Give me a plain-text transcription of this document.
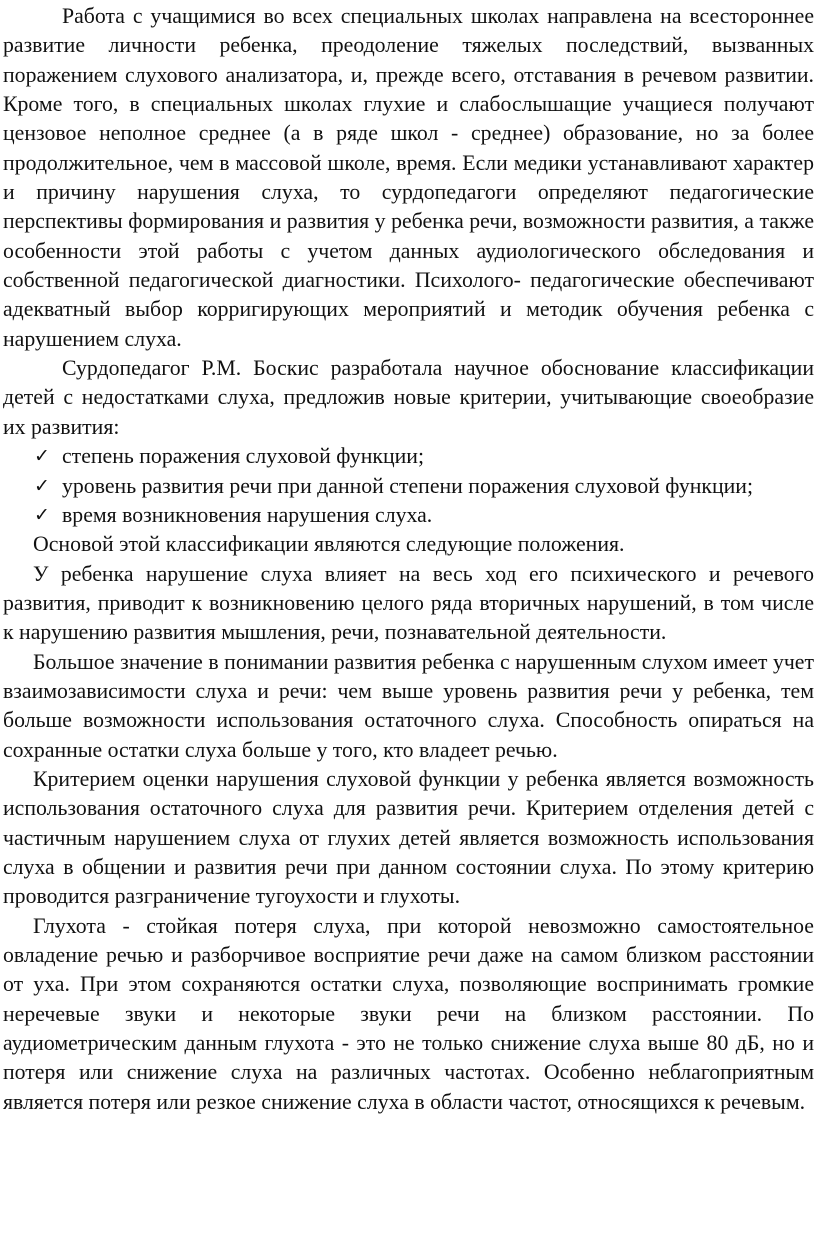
Работа с учащимися во всех специальных школах направлена на всестороннее развитие личности ребенка, преодоление тяжелых последствий, вызванных поражением слухового анализатора, и, прежде всего, отставания в речевом развитии. Кроме того, в специальных школах глухие и слабослышащие учащиеся получают цензовое неполное среднее (а в ряде школ - среднее) образование, но за более продолжительное, чем в массовой школе, время. Если медики устанавливают характер и причину нарушения слуха, то сурдопедагоги определяют педагогические перспективы формирования и развития у ребенка речи, возможности развития, а также особенности этой работы с учетом данных аудиологического обследования и собственной педагогической диагностики. Психолого- педагогические обеспечивают адекватный выбор корригирующих мероприятий и методик обучения ребенка с нарушением слуха.

Сурдопедагог Р.М. Боскис разработала научное обоснование классификации детей с недостатками слуха, предложив новые критерии, учитывающие своеобразие их развития:

✓ степень поражения слуховой функции;
✓ уровень развития речи при данной степени поражения слуховой функции;
✓ время возникновения нарушения слуха.

Основой этой классификации являются следующие положения.

У ребенка нарушение слуха влияет на весь ход его психического и речевого развития, приводит к возникновению целого ряда вторичных нарушений, в том числе к нарушению развития мышления, речи, познавательной деятельности.

Большое значение в понимании развития ребенка с нарушенным слухом имеет учет взаимозависимости слуха и речи: чем выше уровень развития речи у ребенка, тем больше возможности использования остаточного слуха. Способность опираться на сохранные остатки слуха больше у того, кто владеет речью.

Критерием оценки нарушения слуховой функции у ребенка является возможность использования остаточного слуха для развития речи. Критерием отделения детей с частичным нарушением слуха от глухих детей является возможность использования слуха в общении и развития речи при данном состоянии слуха. По этому критерию проводится разграничение тугоухости и глухоты.

Глухота - стойкая потеря слуха, при которой невозможно самостоятельное овладение речью и разборчивое восприятие речи даже на самом близком расстоянии от уха. При этом сохраняются остатки слуха, позволяющие воспринимать громкие неречевые звуки и некоторые звуки речи на близком расстоянии. По аудиометрическим данным глухота - это не только снижение слуха выше 80 дБ, но и потеря или снижение слуха на различных частотах. Особенно неблагоприятным является потеря или резкое снижение слуха в области частот, относящихся к речевым.
